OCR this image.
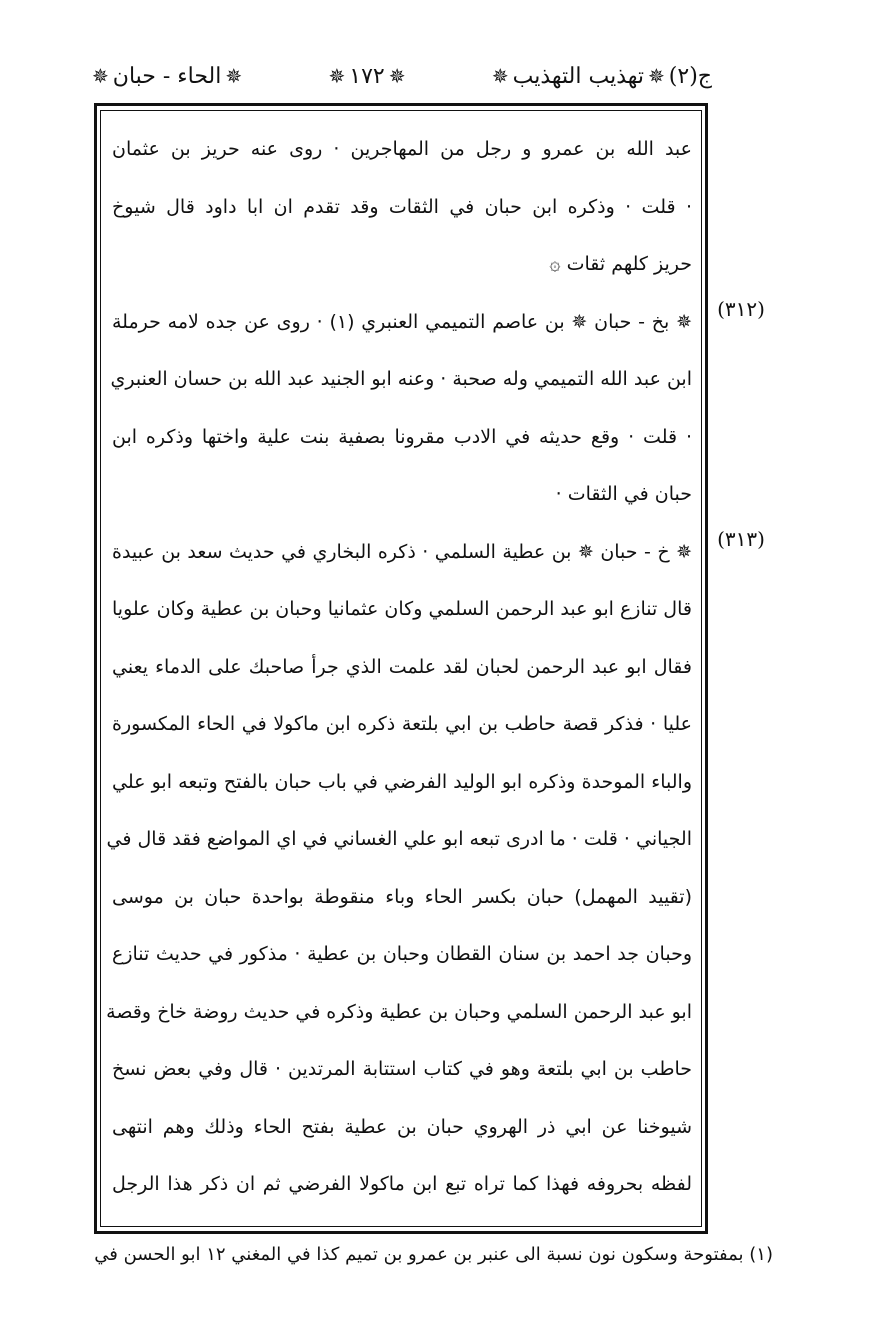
ج(٢)
✵
تهذيب التهذيب
✵
✵
١٧٢
✵
✵
الحاء - حبان
✵
(٣١٢)
(٣١٣)
عبد الله بن عمرو و رجل من المهاجرين · روى عنه حريز بن عثمان
· قلت · وذكره ابن حبان في الثقات وقد تقدم ان ابا داود قال شيوخ
حريز كلهم ثقات ۞
✵ بخ - حبان ✵ بن عاصم التميمي العنبري (١) · روى عن جده لامه حرملة
ابن عبد الله التميمي وله صحبة · وعنه ابو الجنيد عبد الله بن حسان العنبري
· قلت · وقع حديثه في الادب مقرونا بصفية بنت علية واختها وذكره ابن
حبان في الثقات ·
✵ خ - حبان ✵ بن عطية السلمي · ذكره البخاري في حديث سعد بن عبيدة
قال تنازع ابو عبد الرحمن السلمي وكان عثمانيا وحبان بن عطية وكان علويا
فقال ابو عبد الرحمن لحبان لقد علمت الذي جرأ صاحبك على الدماء يعني
عليا · فذكر قصة حاطب بن ابي بلتعة ذكره ابن ماكولا في الحاء المكسورة
والباء الموحدة وذكره ابو الوليد الفرضي في باب حبان بالفتح وتبعه ابو علي
الجياني · قلت · ما ادرى تبعه ابو علي الغساني في اي المواضع فقد قال في
(تقييد المهمل) حبان بكسر الحاء وباء منقوطة بواحدة حبان بن موسى
وحبان جد احمد بن سنان القطان وحبان بن عطية · مذكور في حديث تنازع
ابو عبد الرحمن السلمي وحبان بن عطية وذكره في حديث روضة خاخ وقصة
حاطب بن ابي بلتعة وهو في كتاب استتابة المرتدين · قال وفي بعض نسخ
شيوخنا عن ابي ذر الهروي حبان بن عطية بفتح الحاء وذلك وهم انتهى
لفظه بحروفه فهذا كما تراه تبع ابن ماكولا الفرضي ثم ان ذكر هذا الرجل
(١) بمفتوحة وسكون نون نسبة الى عنبر بن عمرو بن تميم كذا في المغني ١٢ ابو الحسن في
